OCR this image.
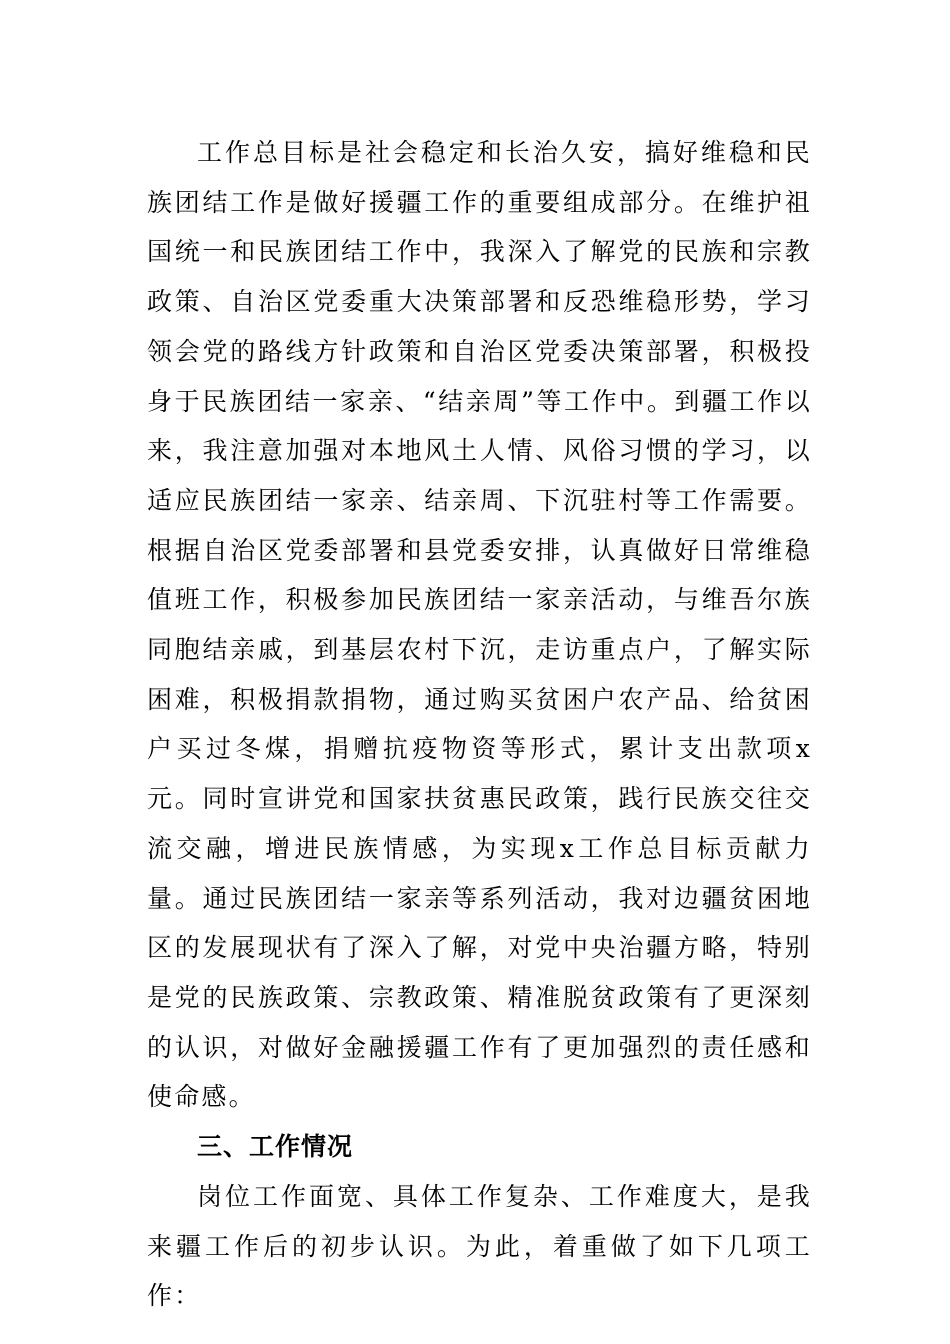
工作总目标是社会稳定和长治久安，搞好维稳和民族团结工作是做好援疆工作的重要组成部分。在维护祖国统一和民族团结工作中，我深入了解党的民族和宗教政策、自治区党委重大决策部署和反恐维稳形势，学习领会党的路线方针政策和自治区党委决策部署，积极投身于民族团结一家亲、“结亲周”等工作中。到疆工作以来，我注意加强对本地风土人情、风俗习惯的学习，以适应民族团结一家亲、结亲周、下沉驻村等工作需要。根据自治区党委部署和县党委安排，认真做好日常维稳值班工作，积极参加民族团结一家亲活动，与维吾尔族同胞结亲戚，到基层农村下沉，走访重点户，了解实际困难，积极捐款捐物，通过购买贫困户农产品、给贫困户买过冬煤，捐赠抗疫物资等形式，累计支出款项x元。同时宣讲党和国家扶贫惠民政策，践行民族交往交流交融，增进民族情感，为实现x工作总目标贡献力量。通过民族团结一家亲等系列活动，我对边疆贫困地区的发展现状有了深入了解，对党中央治疆方略，特别是党的民族政策、宗教政策、精准脱贫政策有了更深刻的认识，对做好金融援疆工作有了更加强烈的责任感和使命感。

三、工作情况

岗位工作面宽、具体工作复杂、工作难度大，是我来疆工作后的初步认识。为此，着重做了如下几项工作：
